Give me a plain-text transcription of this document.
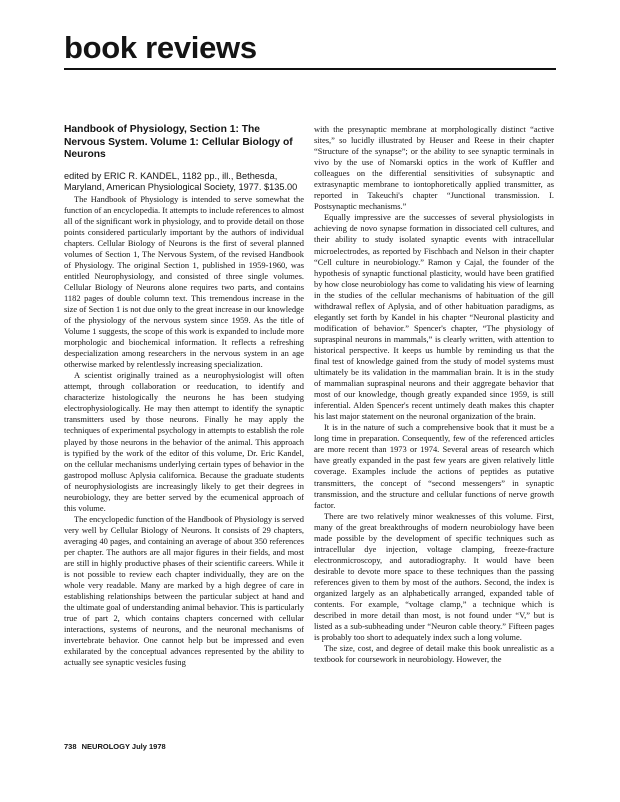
book reviews
Handbook of Physiology, Section 1: The Nervous System. Volume 1: Cellular Biology of Neurons

edited by ERIC R. KANDEL, 1182 pp., ill., Bethesda, Maryland, American Physiological Society, 1977. $135.00

The Handbook of Physiology is intended to serve somewhat the function of an encyclopedia. It attempts to include references to almost all of the significant work in physiology, and to provide detail on those points considered particularly important by the authors of individual chapters. Cellular Biology of Neurons is the first of several planned volumes of Section 1, The Nervous System, of the revised Handbook of Physiology. The original Section 1, published in 1959-1960, was entitled Neurophysiology, and consisted of three single volumes. Cellular Biology of Neurons alone requires two parts, and contains 1182 pages of double column text. This tremendous increase in the size of Section 1 is not due only to the great increase in our knowledge of the physiology of the nervous system since 1959. As the title of Volume 1 suggests, the scope of this work is expanded to include more morphologic and biochemical information. It reflects a refreshing despecialization among researchers in the nervous system in an age otherwise marked by relentlessly increasing specialization.

A scientist originally trained as a neurophysiologist will often attempt, through collaboration or reeducation, to identify and characterize histologically the neurons he has been studying electrophysiologically. He may then attempt to identify the synaptic transmitters used by those neurons. Finally he may apply the techniques of experimental psychology in attempts to establish the role played by those neurons in the behavior of the animal. This approach is typified by the work of the editor of this volume, Dr. Eric Kandel, on the cellular mechanisms underlying certain types of behavior in the gastropod mollusc Aplysia californica. Because the graduate students of neurophysiologists are increasingly likely to get their degrees in neurobiology, they are better served by the ecumenical approach of this volume.

The encyclopedic function of the Handbook of Physiology is served very well by Cellular Biology of Neurons. It consists of 29 chapters, averaging 40 pages, and containing an average of about 350 references per chapter. The authors are all major figures in their fields, and most are still in highly productive phases of their scientific careers. While it is not possible to review each chapter individually, they are on the whole very readable. Many are marked by a high degree of care in establishing relationships between the particular subject at hand and the ultimate goal of understanding animal behavior. This is particularly true of part 2, which contains chapters concerned with cellular interactions, systems of neurons, and the neuronal mechanisms of invertebrate behavior. One cannot help but be impressed and even exhilarated by the conceptual advances represented by the ability to actually see synaptic vesicles fusing

with the presynaptic membrane at morphologically distinct “active sites,” so lucidly illustrated by Heuser and Reese in their chapter “Structure of the synapse”; or the ability to see synaptic terminals in vivo by the use of Nomarski optics in the work of Kuffler and colleagues on the differential sensitivities of subsynaptic and extrasynaptic membrane to iontophoretically applied transmitter, as reported in Takeuchi's chapter “Junctional transmission. I. Postsynaptic mechanisms.”

Equally impressive are the successes of several physiologists in achieving de novo synapse formation in dissociated cell cultures, and their ability to study isolated synaptic events with intracellular microelectrodes, as reported by Fischbach and Nelson in their chapter “Cell culture in neurobiology.” Ramon y Cajal, the founder of the hypothesis of synaptic functional plasticity, would have been gratified by how close neurobiology has come to validating his view of learning in the studies of the cellular mechanisms of habituation of the gill withdrawal reflex of Aplysia, and of other habituation paradigms, as elegantly set forth by Kandel in his chapter “Neuronal plasticity and modification of behavior.” Spencer's chapter, “The physiology of supraspinal neurons in mammals,” is clearly written, with attention to historical perspective. It keeps us humble by reminding us that the final test of knowledge gained from the study of model systems must ultimately be its validation in the mammalian brain. It is in the study of mammalian supraspinal neurons and their aggregate behavior that most of our knowledge, though greatly expanded since 1959, is still inferential. Alden Spencer's recent untimely death makes this chapter his last major statement on the neuronal organization of the brain.

It is in the nature of such a comprehensive book that it must be a long time in preparation. Consequently, few of the referenced articles are more recent than 1973 or 1974. Several areas of research which have greatly expanded in the past few years are given relatively little coverage. Examples include the actions of peptides as putative transmitters, the concept of “second messengers” in synaptic transmission, and the structure and cellular functions of nerve growth factor.

There are two relatively minor weaknesses of this volume. First, many of the great breakthroughs of modern neurobiology have been made possible by the development of specific techniques such as intracellular dye injection, voltage clamping, freeze-fracture electronmicroscopy, and autoradiography. It would have been desirable to devote more space to these techniques than the passing references given to them by most of the authors. Second, the index is organized largely as an alphabetically arranged, expanded table of contents. For example, “voltage clamp,” a technique which is described in more detail than most, is not found under “V,” but is listed as a sub-subheading under “Neuron cable theory.” Fifteen pages is probably too short to adequately index such a long volume.

The size, cost, and degree of detail make this book unrealistic as a textbook for coursework in neurobiology. However, the

738 NEUROLOGY July 1978
